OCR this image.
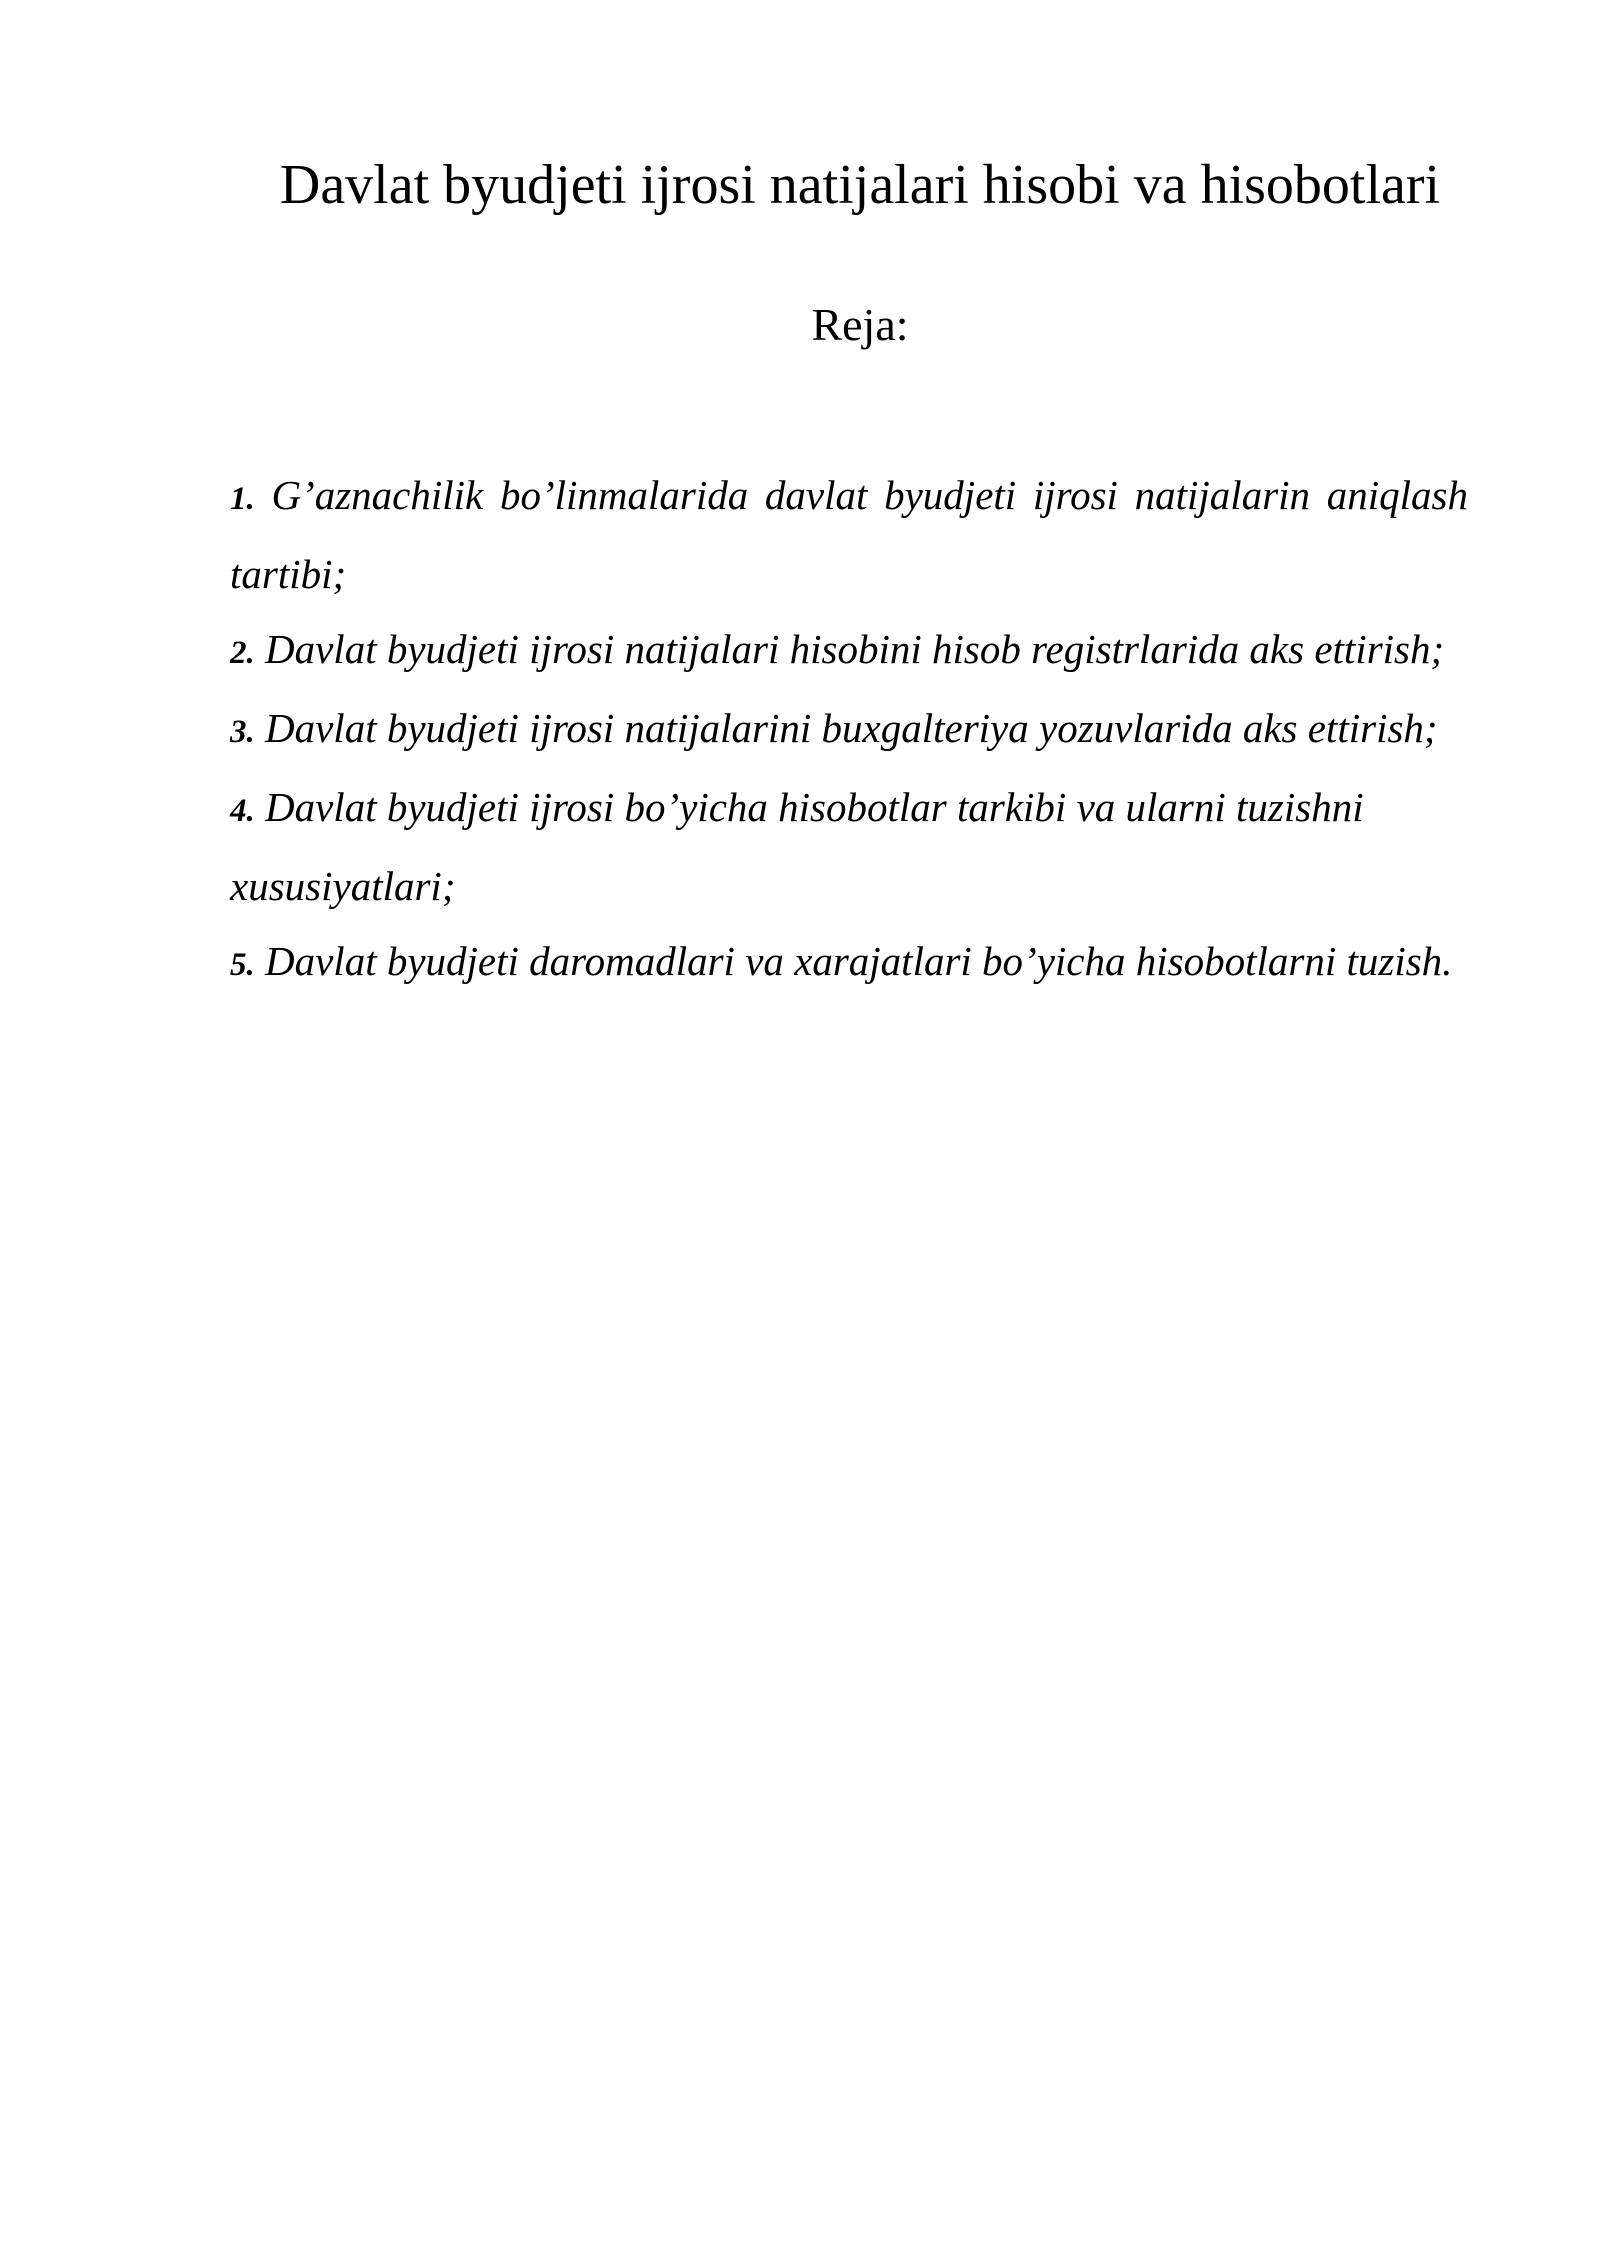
Davlat byudjeti ijrosi natijalari hisobi va hisobotlari
Reja:
1. G’aznachilik bo’linmalarida davlat byudjeti ijrosi natijalarin aniqlash tartibi;
2. Davlat byudjeti ijrosi natijalari hisobini hisob registrlarida aks ettirish;
3. Davlat byudjeti ijrosi natijalarini buxgalteriya yozuvlarida aks ettirish;
4. Davlat byudjeti ijrosi bo’yicha hisobotlar tarkibi va ularni tuzishni xususiyatlari;
5. Davlat byudjeti daromadlari va xarajatlari bo’yicha hisobotlarni tuzish.
